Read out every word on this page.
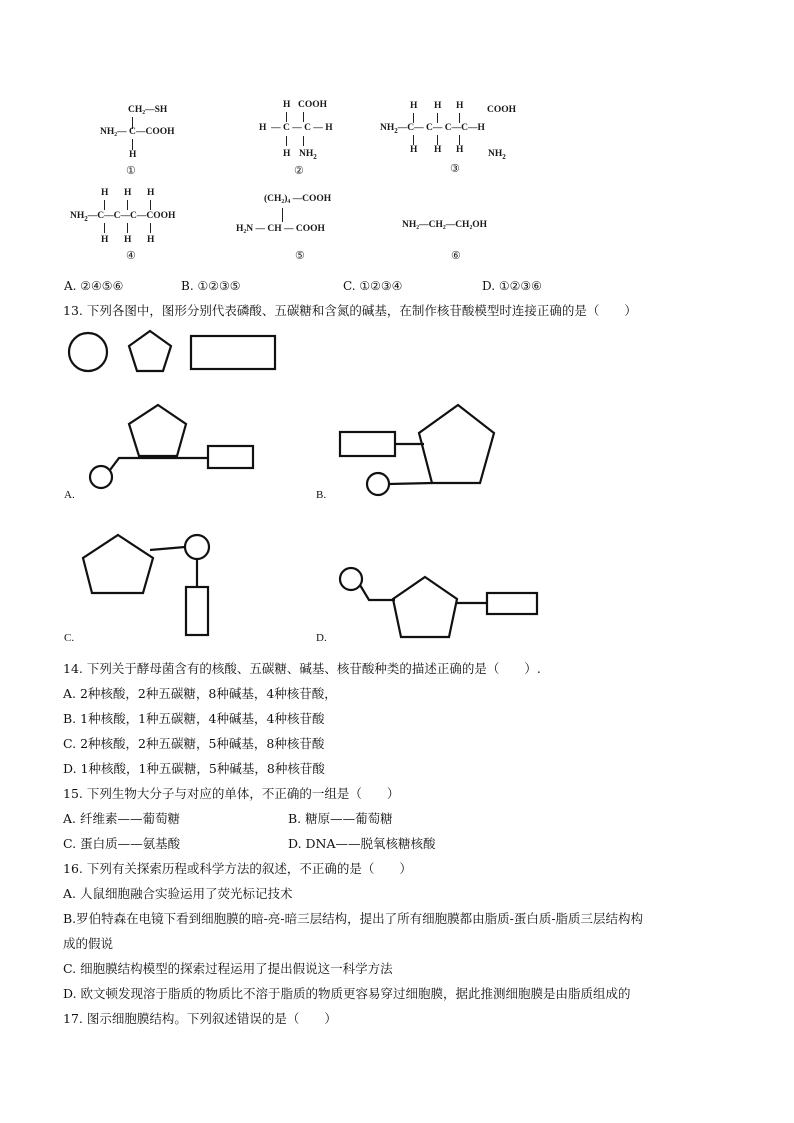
CH₂—SH
NH₂— C —COOH
H
①
H COOH
H  — C — C — H
H $NH_2$
②
H H H COOH
$NH_2—C—$ C— C—C—H
H H H	$NH_2$
③
H H H
$NH_2—C—C—C—COOH$
H H H
④
(CH₂)₄ —COOH
H₂N — CH — COOH
⑤
NH₂—CH₂—CH₂OH
⑥
A. ②④⑤⑥	B. ①②③⑤	C. ①②③④	D. ①②③⑥
13. 下列各图中，图形分别代表磷酸、五碳糖和含氮的碱基，在制作核苷酸模型时连接正确的是（　　）
A.	B.
C.	D.
14. 下列关于酵母菌含有的核酸、五碳糖、碱基、核苷酸种类的描述正确的是（　　）.
A. 2种核酸，2种五碳糖，8种碱基，4种核苷酸，
B. 1种核酸，1种五碳糖，4种碱基，4种核苷酸
C. 2种核酸，2种五碳糖，5种碱基，8种核苷酸
D. 1种核酸，1种五碳糖，5种碱基，8种核苷酸
15. 下列生物大分子与对应的单体，不正确的一组是（　　）
A. 纤维素——葡萄糖	B. 糖原——葡萄糖
C. 蛋白质——氨基酸	D. DNA——脱氧核糖核酸
16. 下列有关探索历程或科学方法的叙述，不正确的是（　　）
A. 人鼠细胞融合实验运用了荧光标记技术
B.罗伯特森在电镜下看到细胞膜的暗-亮-暗三层结构，提出了所有细胞膜都由脂质-蛋白质-脂质三层结构构
成的假说
C. 细胞膜结构模型的探索过程运用了提出假说这一科学方法
D. 欧文顿发现溶于脂质的物质比不溶于脂质的物质更容易穿过细胞膜，据此推测细胞膜是由脂质组成的
17. 图示细胞膜结构。下列叙述错误的是（　　）
